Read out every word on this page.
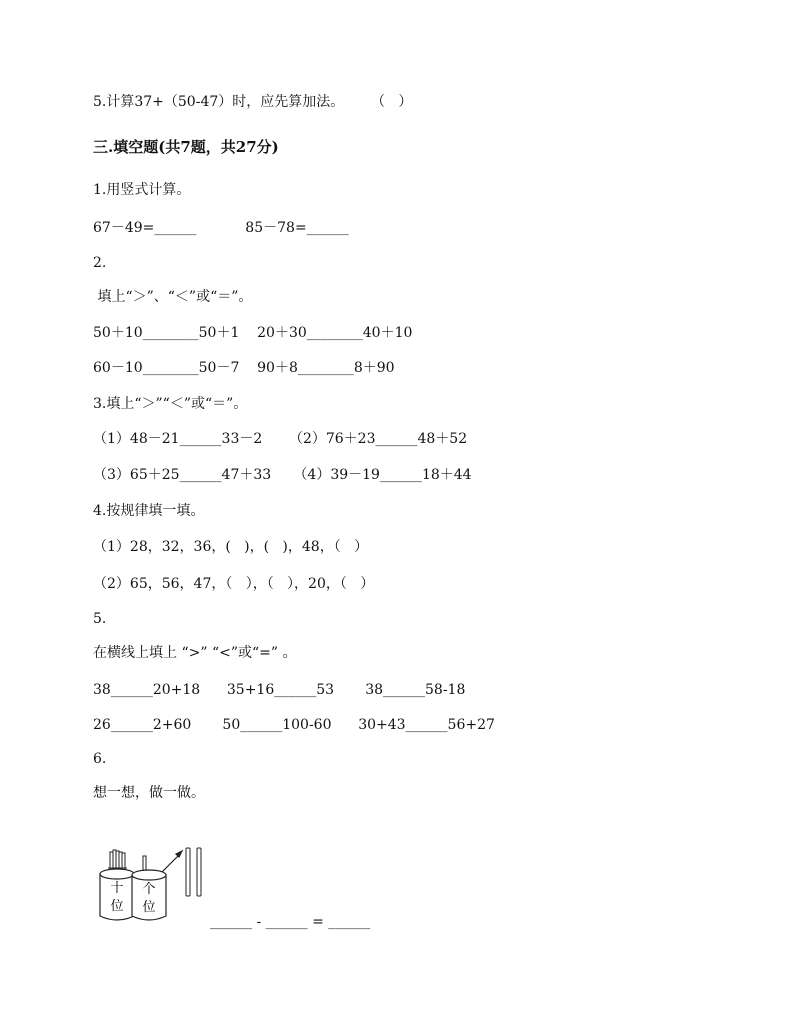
5.计算37+（50-47）时，应先算加法。      （   ）
三.填空题(共7题，共27分)
1.用竖式计算。
67－49=______           85－78=______
2.
填上“＞”、“＜”或“＝”。
50＋10________50＋1    20＋30________40＋10
60－10________50－7    90＋8________8＋90
3.填上“＞”“＜”或“＝”。
（1）48－21______33－2      （2）76＋23______48＋52
（3）65＋25______47＋33     （4）39－19______18＋44
4.按规律填一填。
（1）28，32，36，(   )，(   )，48，（   ）
（2）65，56，47，（   ），（   ），20，（   ）
5.
在横线上填上 “>” “<”或“=” 。
38______20+18      35+16______53       38______58-18
26______2+60       50______100-60      30+43______56+27
6.
想一想，做一做。
十位
个位
______ - ______ = ______
